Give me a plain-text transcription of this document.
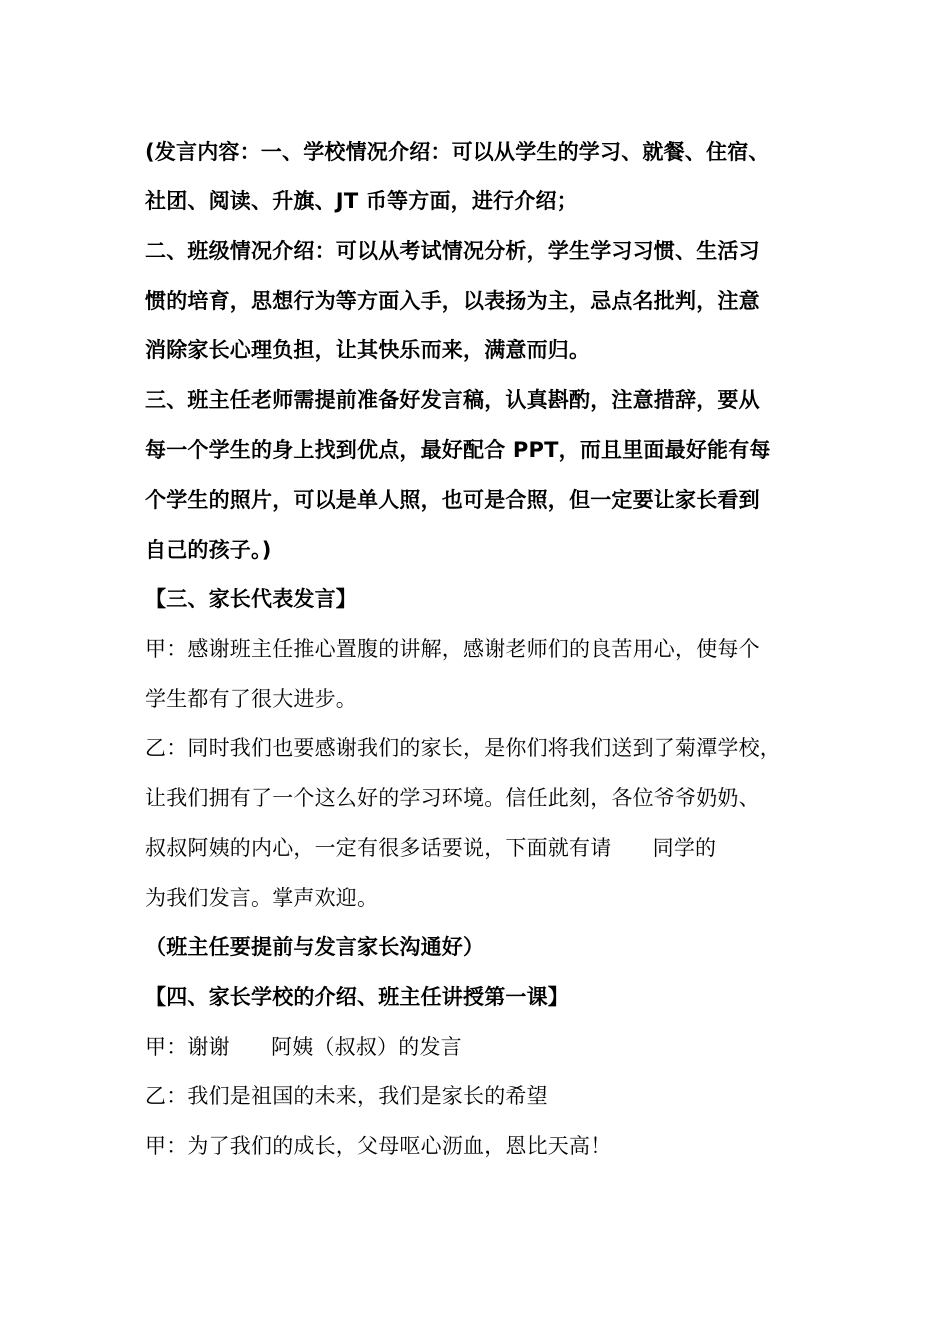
(发言内容：一、学校情况介绍：可以从学生的学习、就餐、住宿、
社团、阅读、升旗、JT 币等方面，进行介绍；
二、班级情况介绍：可以从考试情况分析，学生学习习惯、生活习
惯的培育，思想行为等方面入手，以表扬为主，忌点名批判，注意
消除家长心理负担，让其快乐而来，满意而归。
三、班主任老师需提前准备好发言稿，认真斟酌，注意措辞，要从
每一个学生的身上找到优点，最好配合 PPT，而且里面最好能有每
个学生的照片，可以是单人照，也可是合照，但一定要让家长看到
自己的孩子。)
【三、家长代表发言】
甲：感谢班主任推心置腹的讲解，感谢老师们的良苦用心，使每个
学生都有了很大进步。
乙：同时我们也要感谢我们的家长，是你们将我们送到了菊潭学校，
让我们拥有了一个这么好的学习环境。信任此刻，各位爷爷奶奶、
叔叔阿姨的内心，一定有很多话要说，下面就有请      同学的
为我们发言。掌声欢迎。
（班主任要提前与发言家长沟通好）
【四、家长学校的介绍、班主任讲授第一课】
甲：谢谢      阿姨（叔叔）的发言
乙：我们是祖国的未来，我们是家长的希望
甲：为了我们的成长，父母呕心沥血，恩比天高！
